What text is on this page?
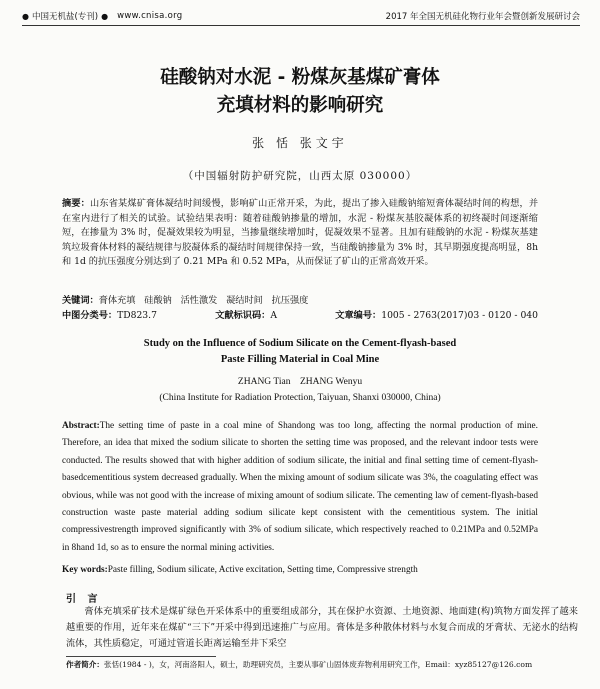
● 中国无机盐(专刊) ● www.cnisa.org	2017 年全国无机硅化物行业年会暨创新发展研讨会
硅酸钠对水泥 - 粉煤灰基煤矿膏体
充填材料的影响研究
张 恬 张文宇
（中国辐射防护研究院，山西太原 030000）
摘要：山东省某煤矿膏体凝结时间缓慢，影响矿山正常开采，为此，提出了掺入硅酸钠缩短膏体凝结时间的构想，并在室内进行了相关的试验。试验结果表明：随着硅酸钠掺量的增加，水泥 - 粉煤灰基胶凝体系的初终凝时间逐渐缩短，在掺量为 3% 时，促凝效果较为明显，当掺量继续增加时，促凝效果不显著。且加有硅酸钠的水泥 - 粉煤灰基建筑垃圾膏体材料的凝结规律与胶凝体系的凝结时间规律保持一致，当硅酸钠掺量为 3% 时，其早期强度提高明显，8h 和 1d 的抗压强度分别达到了 0.21 MPa 和 0.52 MPa，从而保证了矿山的正常高效开采。
关键词：膏体充填   硅酸钠   活性激发   凝结时间   抗压强度
中图分类号：TD823.7	文献标识码：A	文章编号：1005 - 2763(2017)03 - 0120 - 040
Study on the Influence of Sodium Silicate on the Cement-flyash-based
Paste Filling Material in Coal Mine
ZHANG Tian    ZHANG Wenyu
(China Institute for Radiation Protection, Taiyuan, Shanxi 030000, China)
Abstract:The setting time of paste in a coal mine of Shandong was too long, affecting the normal production of mine. Therefore, an idea that mixed the sodium silicate to shorten the setting time was proposed, and the relevant indoor tests were conducted. The results showed that with higher addition of sodium silicate, the initial and final setting time of cement-flyash-basedcementitious system decreased gradually. When the mixing amount of sodium silicate was 3%, the coagulating effect was obvious, while was not good with the increase of mixing amount of sodium silicate. The cementing law of cement-flyash-based construction waste paste material adding sodium silicate kept consistent with the cementitious system. The initial compressivestrength improved significantly with 3% of sodium silicate, which respectively reached to 0.21MPa and 0.52MPa in 8hand 1d, so as to ensure the normal mining activities.
Key words:Paste filling, Sodium silicate, Active excitation, Setting time, Compressive strength
引 言
膏体充填采矿技术是煤矿绿色开采体系中的重要组成部分，其在保护水资源、土地资源、地面建(构)筑物方面发挥了越来越重要的作用，近年来在煤矿“三下”开采中得到迅速推广与应用。膏体是多种散体材料与水复合而成的牙膏状、无泌水的结构流体，其性质稳定，可通过管道长距离运输至井下采空
作者简介：张恬(1984 - )，女，河南洛阳人，硕士，助理研究员，主要从事矿山固体废弃物利用研究工作，Email：xyz85127@126.com
